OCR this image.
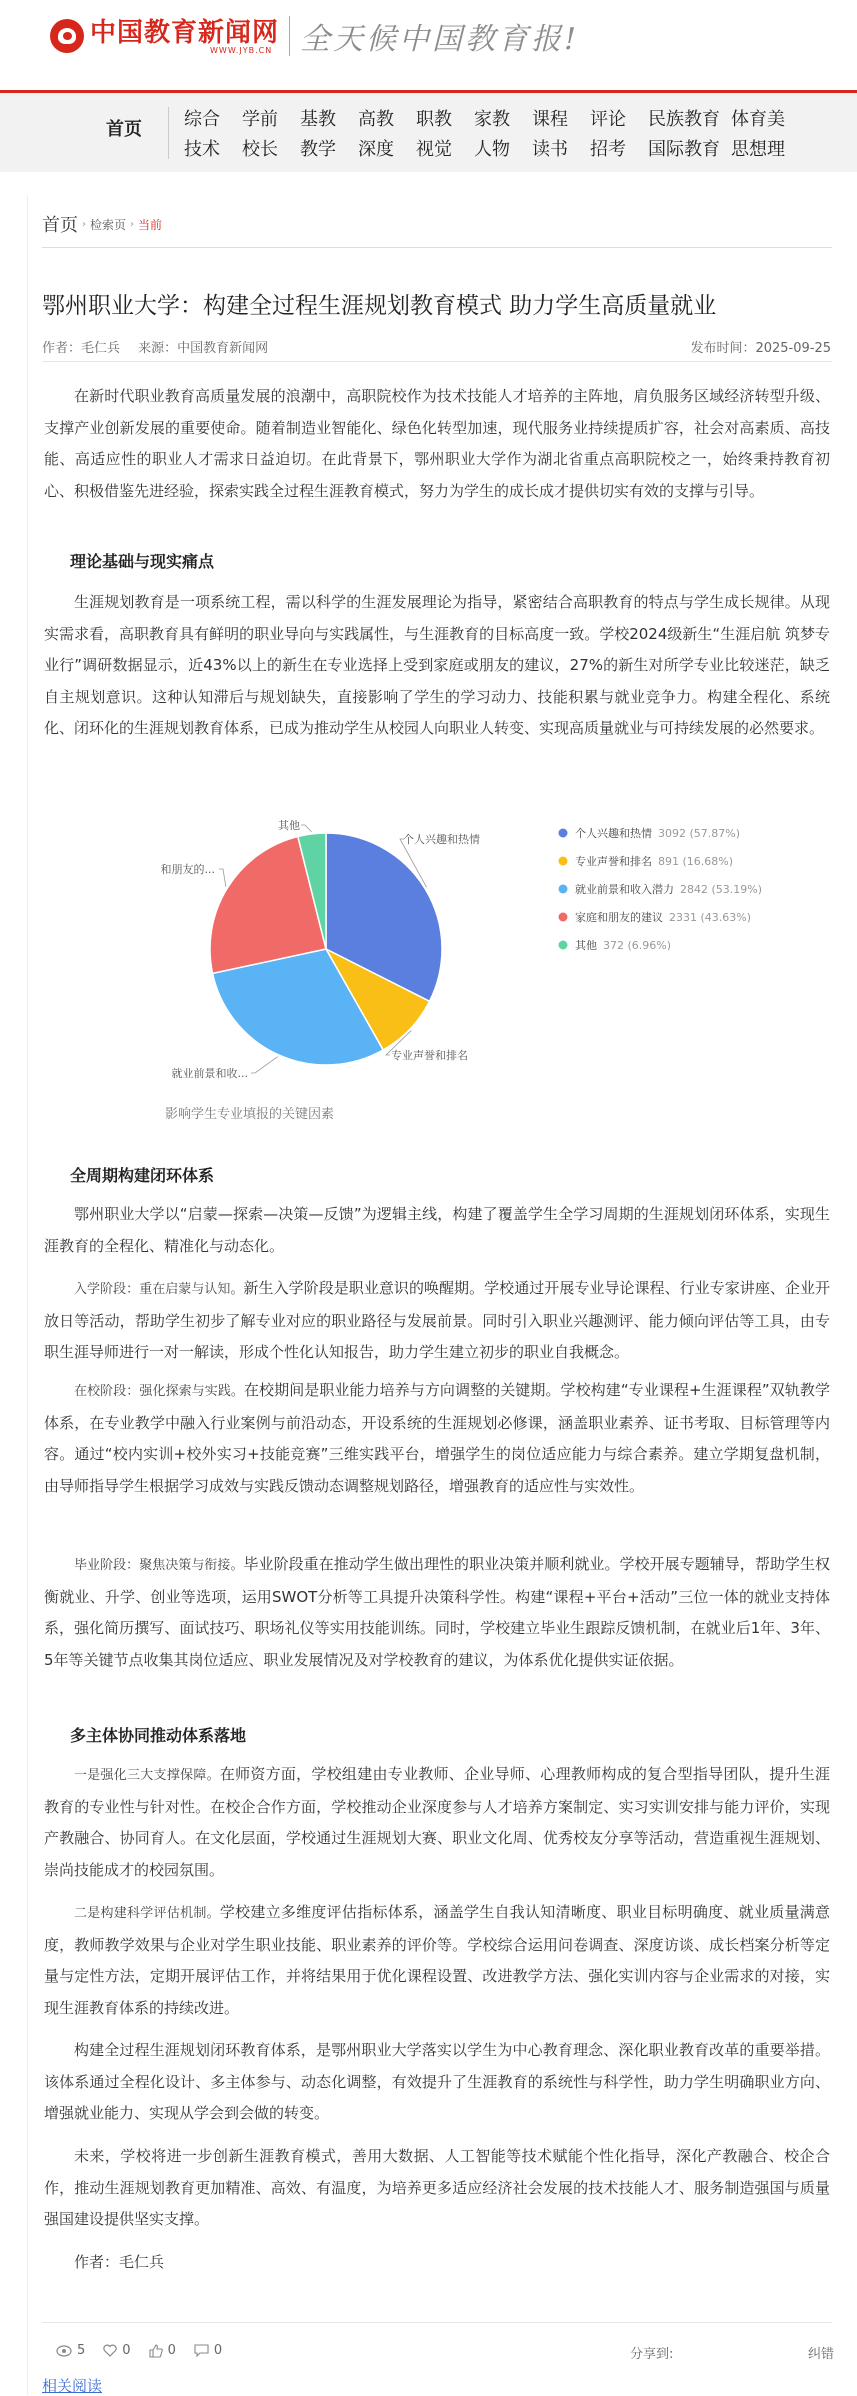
中国教育新闻网
WWW.JYB.CN 全天候中国教育报!
首页 综合	学前	基教	高教	职教	家教	课程	评论	民族教育 体育美
技术	校长	教学	深度	视觉	人物	读书	招考	国际教育 思想理
首页 › 检索页 › 当前
鄂州职业大学：构建全过程生涯规划教育模式 助力学生高质量就业
作者：毛仁兵 来源：中国教育新闻网	发布时间：2025-09-25

在新时代职业教育高质量发展的浪潮中，高职院校作为技术技能人才培养的主阵地，肩负服务区域经济转型升级、支撑产业创新发展的重要使命。随着制造业智能化、绿色化转型加速，现代服务业持续提质扩容，社会对高素质、高技能、高适应性的职业人才需求日益迫切。在此背景下，鄂州职业大学作为湖北省重点高职院校之一，始终秉持教育初心、积极借鉴先进经验，探索实践全过程生涯教育模式，努力为学生的成长成才提供切实有效的支撑与引导。

理论基础与现实痛点

生涯规划教育是一项系统工程，需以科学的生涯发展理论为指导，紧密结合高职教育的特点与学生成长规律。从现实需求看，高职教育具有鲜明的职业导向与实践属性，与生涯教育的目标高度一致。学校2024级新生“生涯启航 筑梦专业行”调研数据显示，近43%以上的新生在专业选择上受到家庭或朋友的建议，27%的新生对所学专业比较迷茫，缺乏自主规划意识。这种认知滞后与规划缺失，直接影响了学生的学习动力、技能积累与就业竞争力。构建全程化、系统化、闭环化的生涯规划教育体系，已成为推动学生从校园人向职业人转变、实现高质量就业与可持续发展的必然要求。

个人兴趣和热情
专业声誉和排名
就业前景和收...
和朋友的...
其他
个人兴趣和热情 3092 (57.87%)
专业声誉和排名 891 (16.68%)
就业前景和收入潜力 2842 (53.19%)
家庭和朋友的建议 2331 (43.63%)
其他 372 (6.96%)
影响学生专业填报的关键因素
全周期构建闭环体系

鄂州职业大学以“启蒙—探索—决策—反馈”为逻辑主线，构建了覆盖学生全学习周期的生涯规划闭环体系，实现生涯教育的全程化、精准化与动态化。

入学阶段：重在启蒙与认知。新生入学阶段是职业意识的唤醒期。学校通过开展专业导论课程、行业专家讲座、企业开放日等活动，帮助学生初步了解专业对应的职业路径与发展前景。同时引入职业兴趣测评、能力倾向评估等工具，由专职生涯导师进行一对一解读，形成个性化认知报告，助力学生建立初步的职业自我概念。

在校阶段：强化探索与实践。在校期间是职业能力培养与方向调整的关键期。学校构建“专业课程+生涯课程”双轨教学体系，在专业教学中融入行业案例与前沿动态，开设系统的生涯规划必修课，涵盖职业素养、证书考取、目标管理等内容。通过“校内实训+校外实习+技能竞赛”三维实践平台，增强学生的岗位适应能力与综合素养。建立学期复盘机制，由导师指导学生根据学习成效与实践反馈动态调整规划路径，增强教育的适应性与实效性。

毕业阶段：聚焦决策与衔接。毕业阶段重在推动学生做出理性的职业决策并顺利就业。学校开展专题辅导，帮助学生权衡就业、升学、创业等选项，运用SWOT分析等工具提升决策科学性。构建“课程+平台+活动”三位一体的就业支持体系，强化简历撰写、面试技巧、职场礼仪等实用技能训练。同时，学校建立毕业生跟踪反馈机制，在就业后1年、3年、5年等关键节点收集其岗位适应、职业发展情况及对学校教育的建议，为体系优化提供实证依据。

多主体协同推动体系落地

一是强化三大支撑保障。在师资方面，学校组建由专业教师、企业导师、心理教师构成的复合型指导团队，提升生涯教育的专业性与针对性。在校企合作方面，学校推动企业深度参与人才培养方案制定、实习实训安排与能力评价，实现产教融合、协同育人。在文化层面，学校通过生涯规划大赛、职业文化周、优秀校友分享等活动，营造重视生涯规划、崇尚技能成才的校园氛围。

二是构建科学评估机制。学校建立多维度评估指标体系，涵盖学生自我认知清晰度、职业目标明确度、就业质量满意度，教师教学效果与企业对学生职业技能、职业素养的评价等。学校综合运用问卷调查、深度访谈、成长档案分析等定量与定性方法，定期开展评估工作，并将结果用于优化课程设置、改进教学方法、强化实训内容与企业需求的对接，实现生涯教育体系的持续改进。

构建全过程生涯规划闭环教育体系，是鄂州职业大学落实以学生为中心教育理念、深化职业教育改革的重要举措。该体系通过全程化设计、多主体参与、动态化调整，有效提升了生涯教育的系统性与科学性，助力学生明确职业方向、增强就业能力、实现从学会到会做的转变。

未来，学校将进一步创新生涯教育模式，善用大数据、人工智能等技术赋能个性化指导，深化产教融合、校企合作，推动生涯规划教育更加精准、高效、有温度，为培养更多适应经济社会发展的技术技能人才、服务制造强国与质量强国建设提供坚实支撑。

作者：毛仁兵

5	0	0	0	分享到:	纠错
相关阅读
